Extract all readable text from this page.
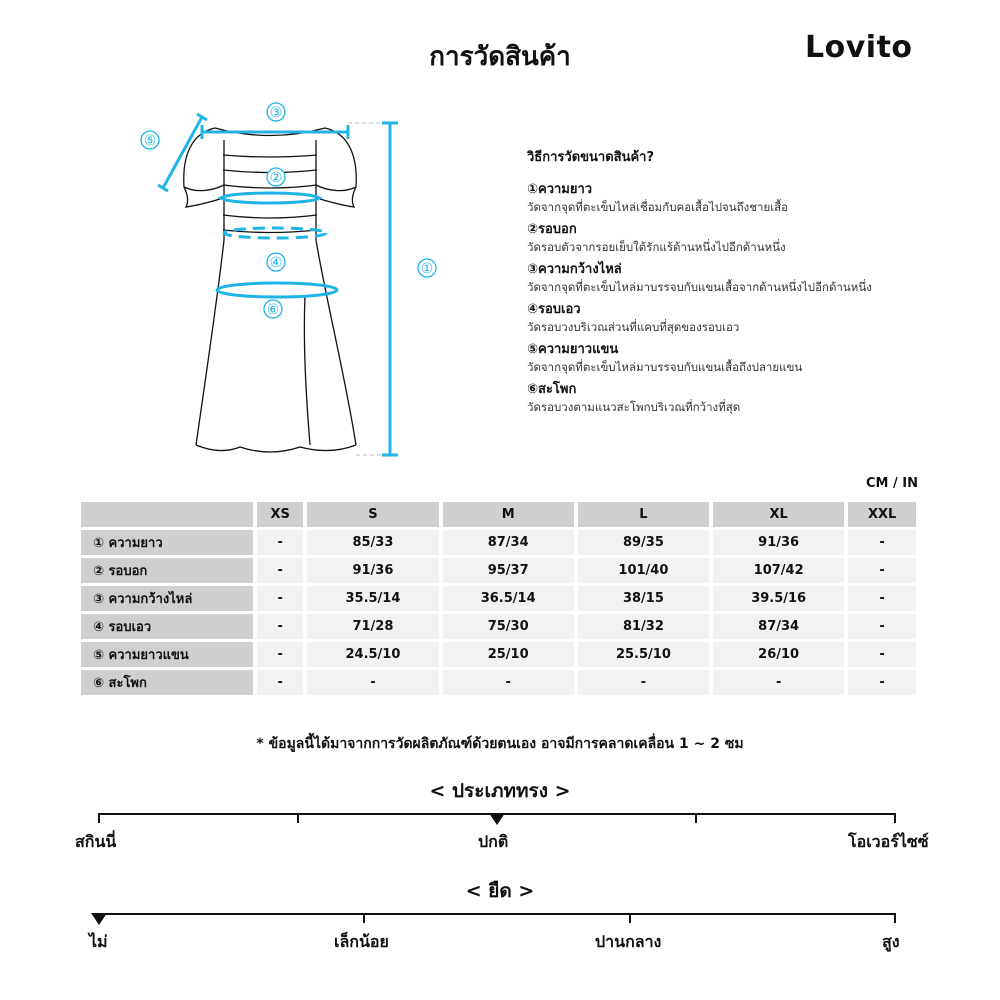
การวัดสินค้า	Lovito
③
⑤
②
④
⑥
①
วิธีการวัดขนาดสินค้า?
①ความยาว
วัดจากจุดที่ตะเข็บไหล่เชื่อมกับคอเสื้อไปจนถึงชายเสื้อ
②รอบอก
วัดรอบตัวจากรอยเย็บใต้รักแร้ด้านหนึ่งไปอีกด้านหนึ่ง
③ความกว้างไหล่
วัดจากจุดที่ตะเข็บไหล่มาบรรจบกับแขนเสื้อจากด้านหนึ่งไปอีกด้านหนึ่ง
④รอบเอว
วัดรอบวงบริเวณส่วนที่แคบที่สุดของรอบเอว
⑤ความยาวแขน
วัดจากจุดที่ตะเข็บไหล่มาบรรจบกับแขนเสื้อถึงปลายแขน
⑥สะโพก
วัดรอบวงตามแนวสะโพกบริเวณที่กว้างที่สุด
CM / IN
	XS	S	M	L	XL	XXL
① ความยาว	-	85/33	87/34	89/35	91/36	-
② รอบอก	-	91/36	95/37	101/40	107/42	-
③ ความกว้างไหล่	-	35.5/14	36.5/14	38/15	39.5/16	-
④ รอบเอว	-	71/28	75/30	81/32	87/34	-
⑤ ความยาวแขน	-	24.5/10	25/10	25.5/10	26/10	-
⑥ สะโพก	-	-	-	-	-	-
* ข้อมูลนี้ได้มาจากการวัดผลิตภัณฑ์ด้วยตนเอง อาจมีการคลาดเคลื่อน 1 ~ 2 ซม
< ประเภททรง >
สกินนี่	ปกติ	โอเวอร์ไซซ์
< ยืด >
ไม่	เล็กน้อย	ปานกลาง	สูง
